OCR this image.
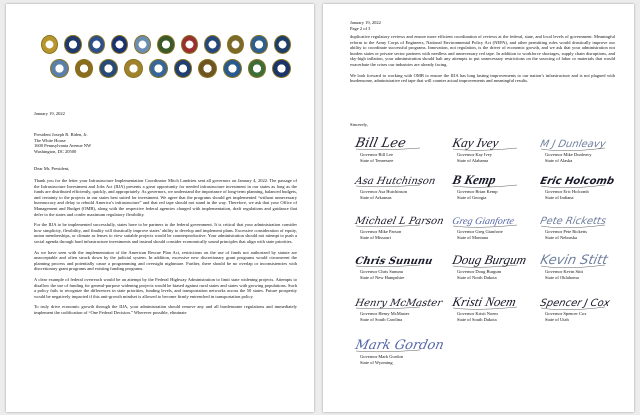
January 19, 2022

President Joseph R. Biden, Jr.

The White House

1600 Pennsylvania Avenue NW

Washington, DC 20500

Dear Mr. President,

Thank you for the letter your Infrastructure Implementation Coordinator Mitch Landrieu sent all governors on January 4, 2022. The passage of the Infrastructure Investment and Jobs Act (IIJA) presents a great opportunity for needed infrastructure investment in our states as long as the funds are distributed efficiently, quickly, and appropriately. As governors, we understand the importance of long-term planning, balanced budgets, and certainty to the projects in our states best suited for investment. We agree that the programs should get implemented “without unnecessary bureaucracy and delay to rebuild America’s infrastructure” and that red tape should not stand in the way. Therefore, we ask that your Office of Management and Budget (OMB), along with the respective federal agencies charged with implementation, draft regulations and guidance that defer to the states and confer maximum regulatory flexibility.

For the IIJA to be implemented successfully, states have to be partners to the federal government. It is critical that your administration consider how simplicity, flexibility, and finality will drastically improve states’ ability to develop and implement plans. Excessive consideration of equity, union memberships, or climate as lenses to view suitable projects would be counterproductive. Your administration should not attempt to push a social agenda through hard infrastructure investments and instead should consider economically sound principles that align with state priorities.

As we have seen with the implementation of the American Rescue Plan Act, restrictions on the use of funds not authorized by statute are unacceptable and often struck down by the judicial system. In addition, excessive new discretionary grant programs would circumvent the planning process and potentially cause a programming and oversight nightmare. Further, there should be no overlap or inconsistencies with discretionary grant programs and existing funding programs.

A clear example of federal overreach would be an attempt by the Federal Highway Administration to limit state widening projects. Attempts to disallow the use of funding for general-purpose widening projects would be biased against rural states and states with growing populations. Such a policy fails to recognize the differences in state priorities, funding levels, and transportation networks across the 50 states. Future prosperity would be negatively impacted if this anti-growth mindset is allowed to become firmly entrenched in transportation policy.

To truly drive economic growth through the IIJA, your administration should remove any and all burdensome regulations and immediately implement the codification of “One Federal Decision.” Wherever possible, eliminate

January 19, 2022

Page 2 of 3

duplicative regulatory reviews and ensure more efficient coordination of reviews at the federal, state, and local levels of government. Meaningful reform to the Army Corps of Engineers, National Environmental Policy Act (NEPA), and other permitting rules would drastically improve our ability to coordinate successful programs. Innovation, not regulation, is the driver of economic growth, and we ask that your administration not burden states or private sector partners with needless and unnecessary red tape. In addition to workforce shortages, supply chain disruptions, and sky-high inflation, your administration should halt any attempts to put unnecessary restrictions on the sourcing of labor or materials that would exacerbate the crises our industries are already facing.

We look forward to working with OMB to ensure the IIJA has long lasting improvements to our nation’s infrastructure and is not plagued with burdensome, administrative red tape that will counter actual improvements and meaningful results.

Sincerely,
Bill Lee
Governor Bill Lee
State of Tennessee
Kay Ivey
Governor Kay Ivey
State of Alabama
M J Dunleavy
Governor Mike Dunleavy
State of Alaska
Asa Hutchinson
Governor Asa Hutchinson
State of Arkansas
B Kemp
Governor Brian Kemp
State of Georgia
Eric Holcomb
Governor Eric Holcomb
State of Indiana
Michael L Parson
Governor Mike Parson
State of Missouri
Greg Gianforte
Governor Greg Gianforte
State of Montana
Pete Ricketts
Governor Pete Ricketts
State of Nebraska
Chris Sununu
Governor Chris Sununu
State of New Hampshire
Doug Burgum
Governor Doug Burgum
State of North Dakota
Kevin Stitt
Governor Kevin Stitt
State of Oklahoma
Henry McMaster
Governor Henry McMaster
State of South Carolina
Kristi Noem
Governor Kristi Noem
State of South Dakota
Spencer J Cox
Governor Spencer Cox
State of Utah
Mark Gordon
Governor Mark Gordon
State of Wyoming
